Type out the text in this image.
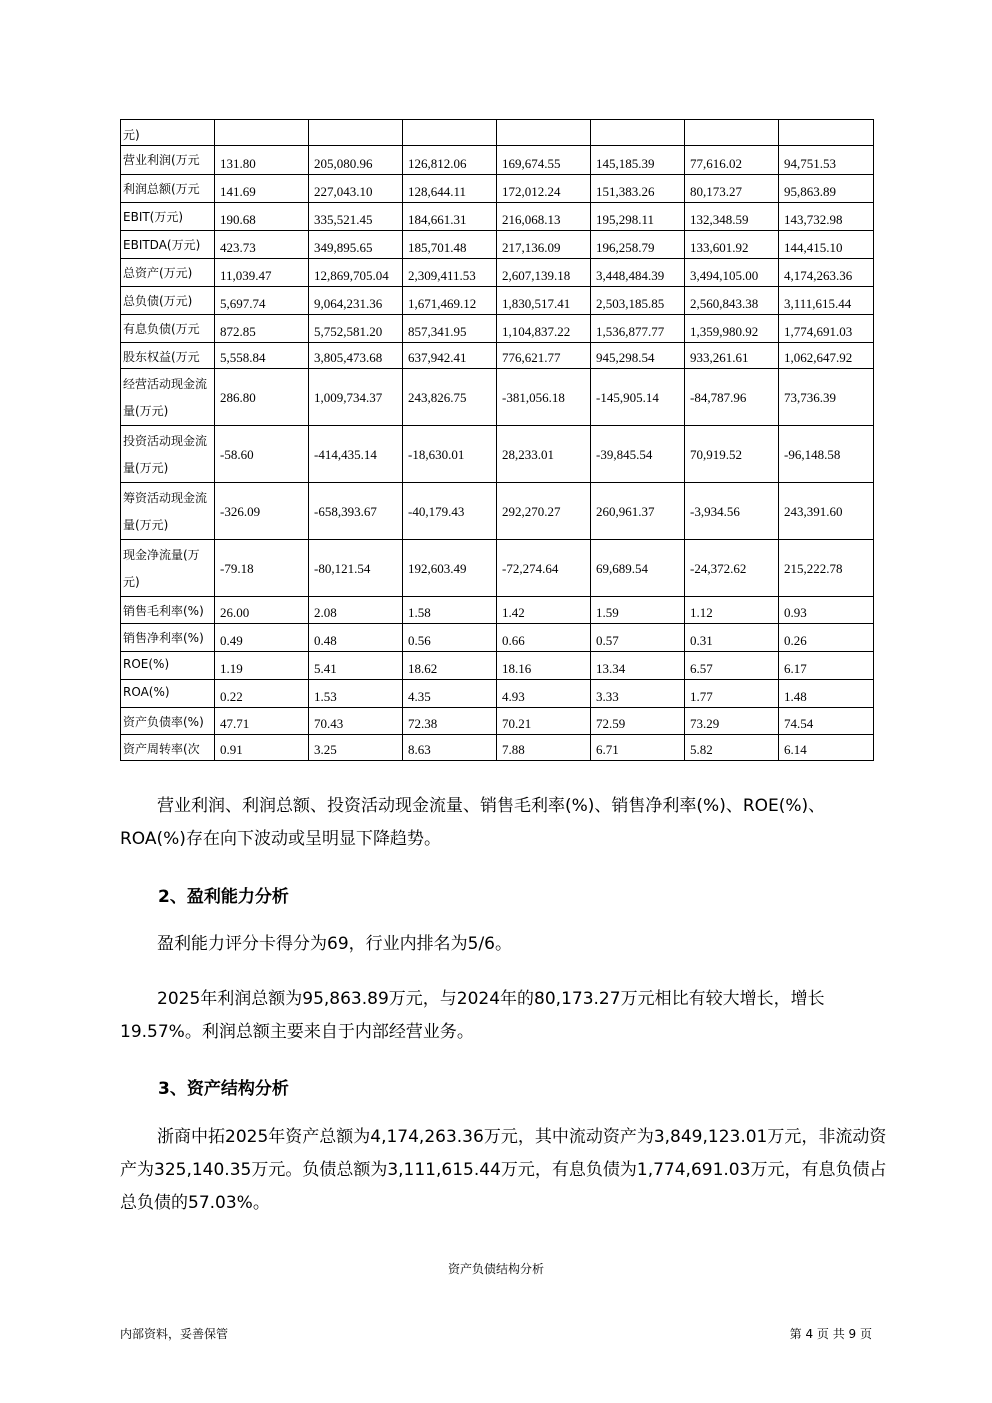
元)							
营业利润(万元	131.80	205,080.96	126,812.06	169,674.55	145,185.39	77,616.02	94,751.53
利润总额(万元	141.69	227,043.10	128,644.11	172,012.24	151,383.26	80,173.27	95,863.89
EBIT(万元)	190.68	335,521.45	184,661.31	216,068.13	195,298.11	132,348.59	143,732.98
EBITDA(万元)	423.73	349,895.65	185,701.48	217,136.09	196,258.79	133,601.92	144,415.10
总资产(万元)	11,039.47	12,869,705.04	2,309,411.53	2,607,139.18	3,448,484.39	3,494,105.00	4,174,263.36
总负债(万元)	5,697.74	9,064,231.36	1,671,469.12	1,830,517.41	2,503,185.85	2,560,843.38	3,111,615.44
有息负债(万元	872.85	5,752,581.20	857,341.95	1,104,837.22	1,536,877.77	1,359,980.92	1,774,691.03
股东权益(万元	5,558.84	3,805,473.68	637,942.41	776,621.77	945,298.54	933,261.61	1,062,647.92
经营活动现金流量(万元)	286.80	1,009,734.37	243,826.75	-381,056.18	-145,905.14	-84,787.96	73,736.39
投资活动现金流量(万元)	-58.60	-414,435.14	-18,630.01	28,233.01	-39,845.54	70,919.52	-96,148.58
筹资活动现金流量(万元)	-326.09	-658,393.67	-40,179.43	292,270.27	260,961.37	-3,934.56	243,391.60
现金净流量(万元)	-79.18	-80,121.54	192,603.49	-72,274.64	69,689.54	-24,372.62	215,222.78
销售毛利率(%)	26.00	2.08	1.58	1.42	1.59	1.12	0.93
销售净利率(%)	0.49	0.48	0.56	0.66	0.57	0.31	0.26
ROE(%)	1.19	5.41	18.62	18.16	13.34	6.57	6.17
ROA(%)	0.22	1.53	4.35	4.93	3.33	1.77	1.48
资产负债率(%)	47.71	70.43	72.38	70.21	72.59	73.29	74.54
资产周转率(次	0.91	3.25	8.63	7.88	6.71	5.82	6.14

营业利润、利润总额、投资活动现金流量、销售毛利率(%)、销售净利率(%)、ROE(%)、ROA(%)存在向下波动或呈明显下降趋势。

2、盈利能力分析

盈利能力评分卡得分为69，行业内排名为5/6。

2025年利润总额为95,863.89万元，与2024年的80,173.27万元相比有较大增长，增长19.57%。利润总额主要来自于内部经营业务。

3、资产结构分析

浙商中拓2025年资产总额为4,174,263.36万元，其中流动资产为3,849,123.01万元，非流动资产为325,140.35万元。负债总额为3,111,615.44万元，有息负债为1,774,691.03万元，有息负债占总负债的57.03%。

资产负债结构分析
内部资料，妥善保管	第 4 页 共 9 页
